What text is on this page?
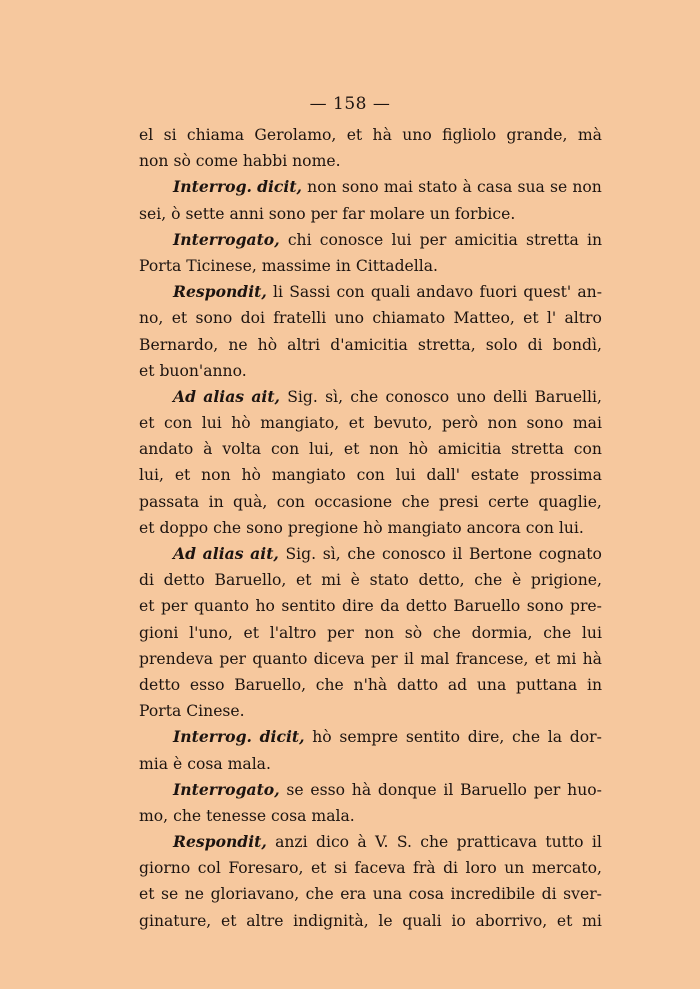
— 158 —
el si chiama Gerolamo, et hà uno figliolo grande, mà
non sò come habbi nome.
Interrog. dicit, non sono mai stato à casa sua se non
sei, ò sette anni sono per far molare un forbice.
Interrogato, chi conosce lui per amicitia stretta in
Porta Ticinese, massime in Cittadella.
Respondit, li Sassi con quali andavo fuori quest' an-
no, et sono doi fratelli uno chiamato Matteo, et l' altro
Bernardo, ne hò altri d'amicitia stretta, solo di bondì,
et buon'anno.
Ad alias ait, Sig. sì, che conosco uno delli Baruelli,
et con lui hò mangiato, et bevuto, però non sono mai
andato à volta con lui, et non hò amicitia stretta con
lui, et non hò mangiato con lui dall' estate prossima
passata in quà, con occasione che presi certe quaglie,
et doppo che sono pregione hò mangiato ancora con lui.
Ad alias ait, Sig. sì, che conosco il Bertone cognato
di detto Baruello, et mi è stato detto, che è prigione,
et per quanto ho sentito dire da detto Baruello sono pre-
gioni l'uno, et l'altro per non sò che dormia, che lui
prendeva per quanto diceva per il mal francese, et mi hà
detto esso Baruello, che n'hà datto ad una puttana in
Porta Cinese.
Interrog. dicit, hò sempre sentito dire, che la dor-
mia è cosa mala.
Interrogato, se esso hà donque il Baruello per huo-
mo, che tenesse cosa mala.
Respondit, anzi dico à V. S. che pratticava tutto il
giorno col Foresaro, et si faceva frà di loro un mercato,
et se ne gloriavano, che era una cosa incredibile di sver-
ginature, et altre indignità, le quali io aborrivo, et mi
